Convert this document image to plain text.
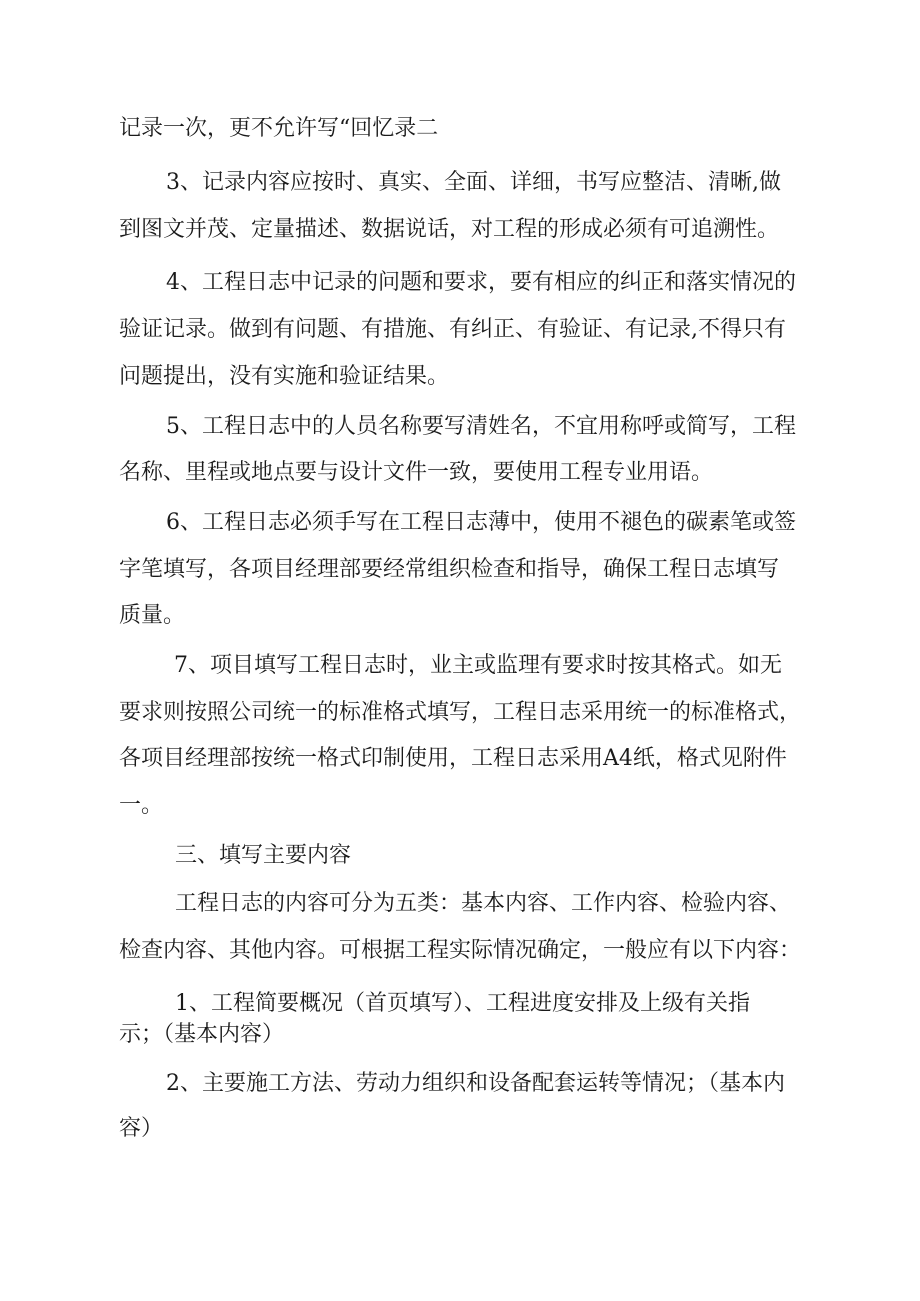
记录一次，更不允许写“回忆录二
3、记录内容应按时、真实、全面、详细，书写应整洁、清晰,做
到图文并茂、定量描述、数据说话，对工程的形成必须有可追溯性。
4、工程日志中记录的问题和要求，要有相应的纠正和落实情况的
验证记录。做到有问题、有措施、有纠正、有验证、有记录,不得只有
问题提出，没有实施和验证结果。
5、工程日志中的人员名称要写清姓名，不宜用称呼或简写，工程
名称、里程或地点要与设计文件一致，要使用工程专业用语。
6、工程日志必须手写在工程日志薄中，使用不褪色的碳素笔或签
字笔填写，各项目经理部要经常组织检查和指导，确保工程日志填写
质量。
7、项目填写工程日志时，业主或监理有要求时按其格式。如无
要求则按照公司统一的标准格式填写，工程日志采用统一的标准格式，
各项目经理部按统一格式印制使用，工程日志采用A4纸，格式见附件
一。
三、填写主要内容
工程日志的内容可分为五类：基本内容、工作内容、检验内容、
检查内容、其他内容。可根据工程实际情况确定，一般应有以下内容：
1、工程简要概况（首页填写）、工程进度安排及上级有关指
示；（基本内容）
2、主要施工方法、劳动力组织和设备配套运转等情况；（基本内
容）
